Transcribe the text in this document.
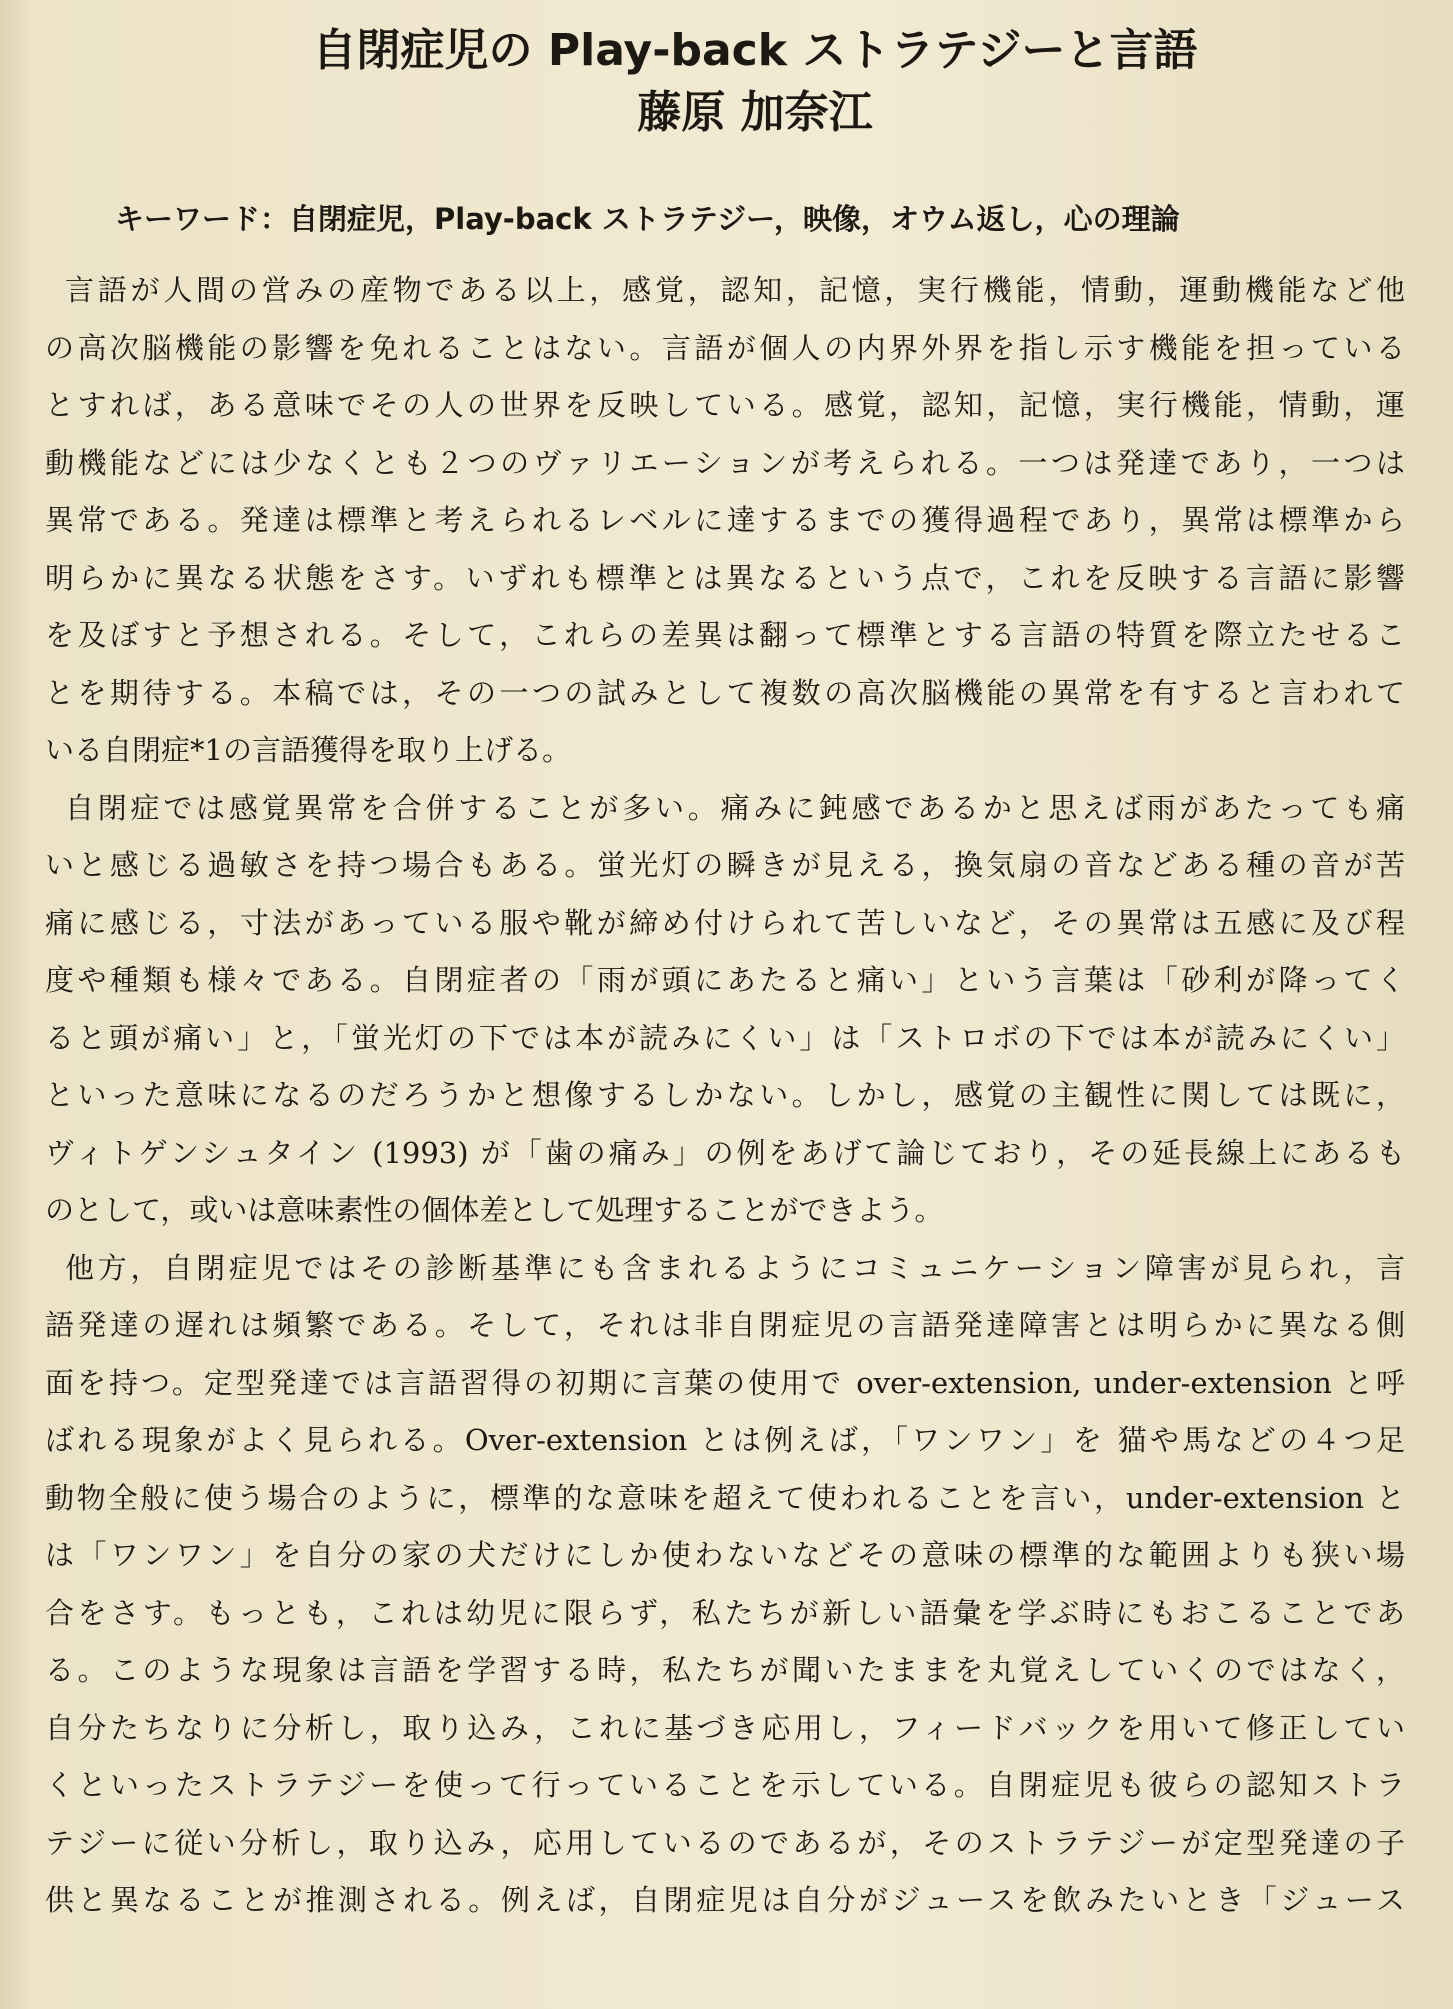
自閉症児の Play-back ストラテジーと言語
藤原 加奈江
キーワード：自閉症児，Play-back ストラテジー，映像，オウム返し，心の理論
言語が人間の営みの産物である以上，感覚，認知，記憶，実行機能，情動，運動機能など他
の高次脳機能の影響を免れることはない。言語が個人の内界外界を指し示す機能を担っている
とすれば，ある意味でその人の世界を反映している。感覚，認知，記憶，実行機能，情動，運
動機能などには少なくとも２つのヴァリエーションが考えられる。一つは発達であり，一つは
異常である。発達は標準と考えられるレベルに達するまでの獲得過程であり，異常は標準から
明らかに異なる状態をさす。いずれも標準とは異なるという点で，これを反映する言語に影響
を及ぼすと予想される。そして，これらの差異は翻って標準とする言語の特質を際立たせるこ
とを期待する。本稿では，その一つの試みとして複数の高次脳機能の異常を有すると言われて
いる自閉症*1の言語獲得を取り上げる。
自閉症では感覚異常を合併することが多い。痛みに鈍感であるかと思えば雨があたっても痛
いと感じる過敏さを持つ場合もある。蛍光灯の瞬きが見える，換気扇の音などある種の音が苦
痛に感じる，寸法があっている服や靴が締め付けられて苦しいなど，その異常は五感に及び程
度や種類も様々である。自閉症者の「雨が頭にあたると痛い」という言葉は「砂利が降ってく
ると頭が痛い」と，「蛍光灯の下では本が読みにくい」は「ストロボの下では本が読みにくい」
といった意味になるのだろうかと想像するしかない。しかし，感覚の主観性に関しては既に，
ヴィトゲンシュタイン (1993) が「歯の痛み」の例をあげて論じており，その延長線上にあるも
のとして，或いは意味素性の個体差として処理することができよう。
他方，自閉症児ではその診断基準にも含まれるようにコミュニケーション障害が見られ，言
語発達の遅れは頻繁である。そして，それは非自閉症児の言語発達障害とは明らかに異なる側
面を持つ。定型発達では言語習得の初期に言葉の使用で over-extension, under-extension と呼
ばれる現象がよく見られる。Over-extension とは例えば，「ワンワン」を 猫や馬などの４つ足
動物全般に使う場合のように，標準的な意味を超えて使われることを言い，under-extension と
は「ワンワン」を自分の家の犬だけにしか使わないなどその意味の標準的な範囲よりも狭い場
合をさす。もっとも，これは幼児に限らず，私たちが新しい語彙を学ぶ時にもおこることであ
る。このような現象は言語を学習する時，私たちが聞いたままを丸覚えしていくのではなく，
自分たちなりに分析し，取り込み，これに基づき応用し，フィードバックを用いて修正してい
くといったストラテジーを使って行っていることを示している。自閉症児も彼らの認知ストラ
テジーに従い分析し，取り込み，応用しているのであるが，そのストラテジーが定型発達の子
供と異なることが推測される。例えば，自閉症児は自分がジュースを飲みたいとき「ジュース
